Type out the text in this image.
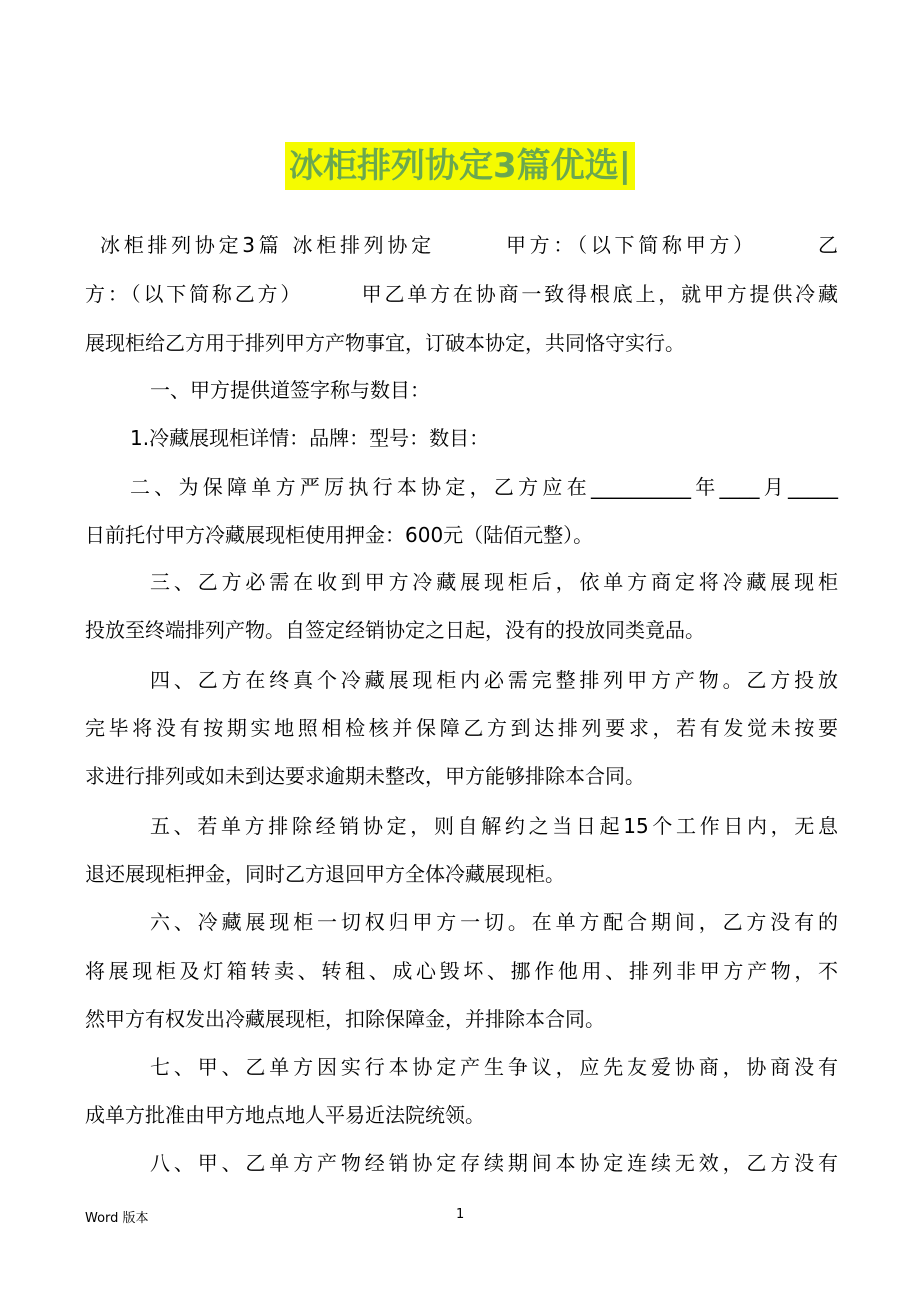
冰柜排列协定3篇优选|
冰柜排列协定3篇 冰柜排列协定　　　甲方：（以下简称甲方）　　　乙
方：（以下简称乙方）　　　甲乙单方在协商一致得根底上，就甲方提供冷藏
展现柜给乙方用于排列甲方产物事宜，订破本协定，共同恪守实行。
一、甲方提供道签字称与数目：
1.冷藏展现柜详情：品牌：型号：数目：
二、为保障单方严厉执行本协定，乙方应在__________年____月_____
日前托付甲方冷藏展现柜使用押金：600元（陆佰元整）。
三、乙方必需在收到甲方冷藏展现柜后，依单方商定将冷藏展现柜
投放至终端排列产物。自签定经销协定之日起，没有的投放同类竟品。
四、乙方在终真个冷藏展现柜内必需完整排列甲方产物。乙方投放
完毕将没有按期实地照相检核并保障乙方到达排列要求，若有发觉未按要
求进行排列或如未到达要求逾期未整改，甲方能够排除本合同。
五、若单方排除经销协定，则自解约之当日起15个工作日内，无息
退还展现柜押金，同时乙方退回甲方全体冷藏展现柜。
六、冷藏展现柜一切权归甲方一切。在单方配合期间，乙方没有的
将展现柜及灯箱转卖、转租、成心毁坏、挪作他用、排列非甲方产物，不
然甲方有权发出冷藏展现柜，扣除保障金，并排除本合同。
七、甲、乙单方因实行本协定产生争议，应先友爱协商，协商没有
成单方批准由甲方地点地人平易近法院统领。
八、甲、乙单方产物经销协定存续期间本协定连续无效，乙方没有
Word 版本	1
